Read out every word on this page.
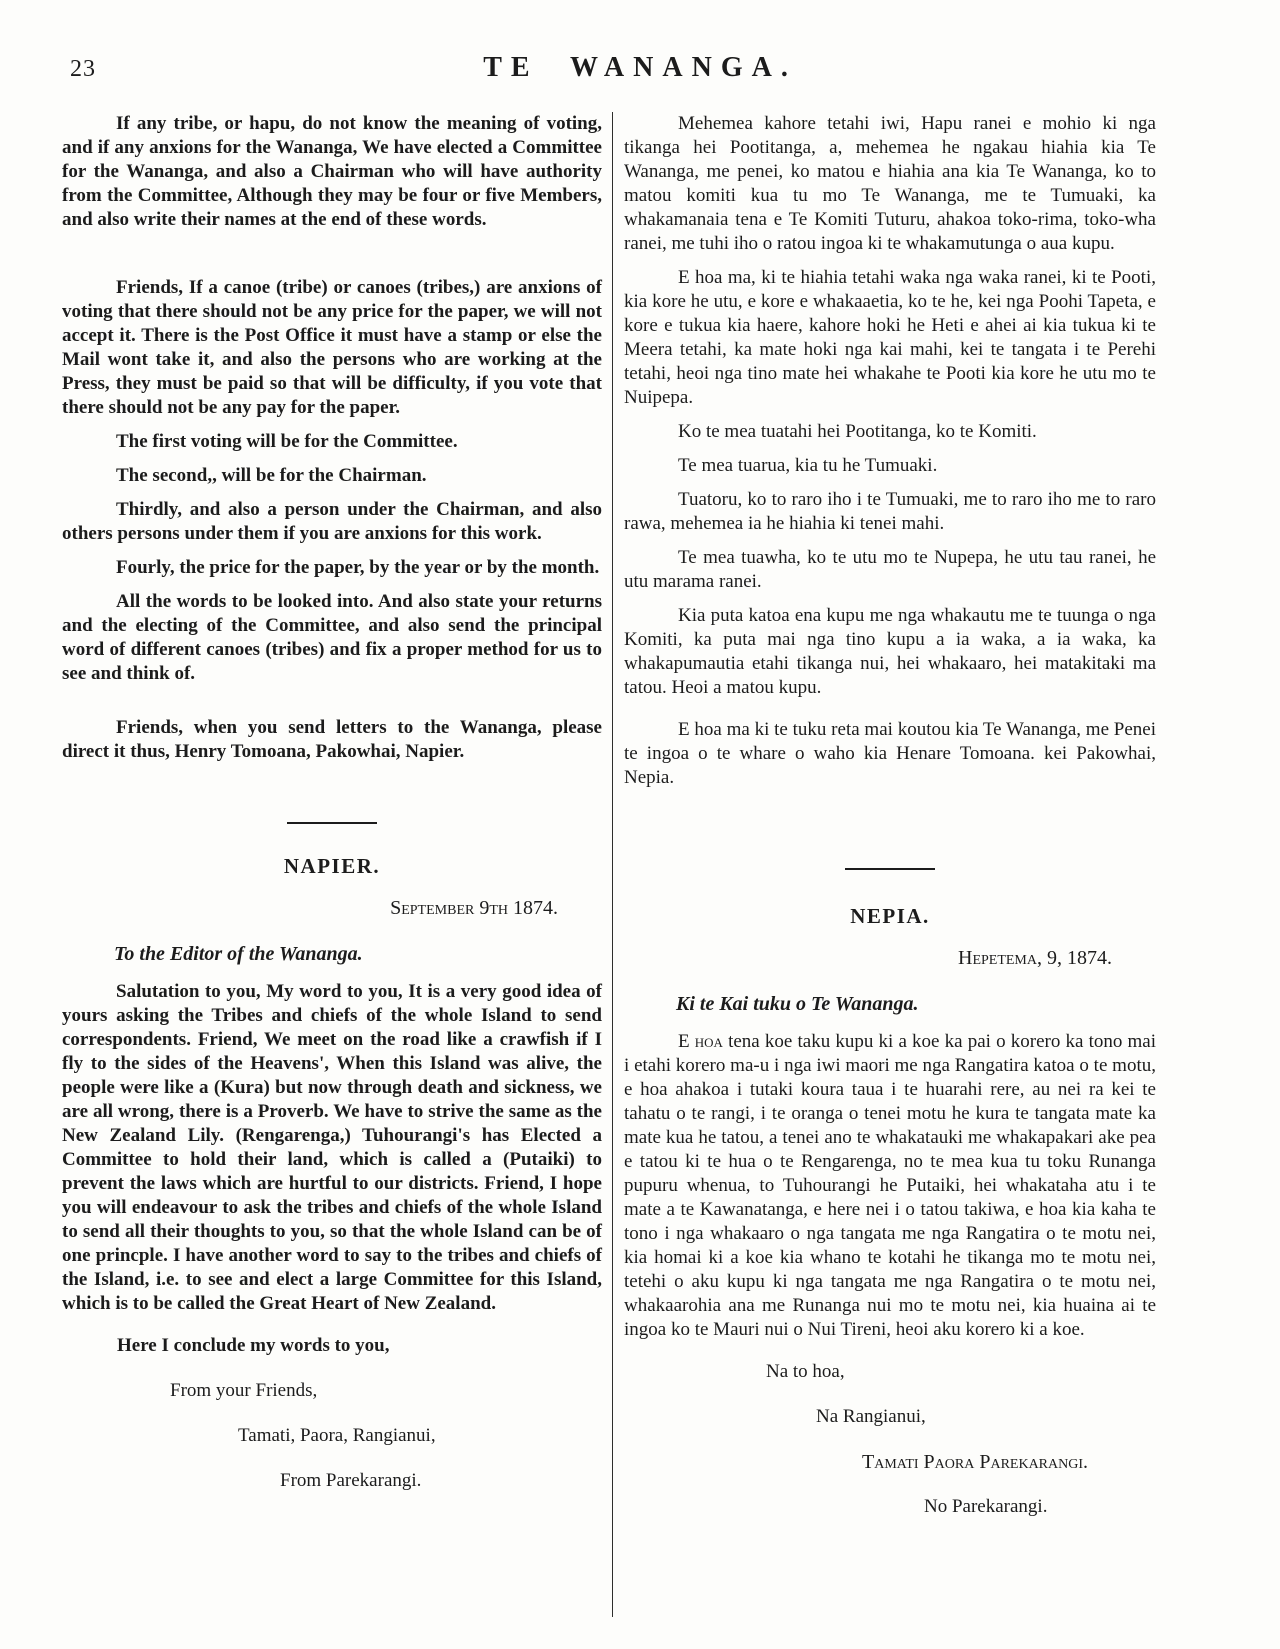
23	TE WANANGA.

If any tribe, or hapu, do not know the meaning of voting, and if any anxions for the Wananga, We have elected a Committee for the Wananga, and also a Chairman who will have authority from the Committee, Although they may be four or five Members, and also write their names at the end of these words.

Friends, If a canoe (tribe) or canoes (tribes,) are anxions of voting that there should not be any price for the paper, we will not accept it. There is the Post Office it must have a stamp or else the Mail wont take it, and also the persons who are working at the Press, they must be paid so that will be difficulty, if you vote that there should not be any pay for the paper.

The first voting will be for the Committee.

The second,, will be for the Chairman.

Thirdly, and also a person under the Chairman, and also others persons under them if you are anxions for this work.

Fourly, the price for the paper, by the year or by the month.

All the words to be looked into. And also state your returns and the electing of the Committee, and also send the principal word of different canoes (tribes) and fix a proper method for us to see and think of.

Friends, when you send letters to the Wananga, please direct it thus, Henry Tomoana, Pakowhai, Napier.

NAPIER.

September 9th 1874.

To the Editor of the Wananga.

Salutation to you, My word to you, It is a very good idea of yours asking the Tribes and chiefs of the whole Island to send correspondents. Friend, We meet on the road like a crawfish if I fly to the sides of the Heavens', When this Island was alive, the people were like a (Kura) but now through death and sickness, we are all wrong, there is a Proverb. We have to strive the same as the New Zealand Lily. (Rengarenga,) Tuhourangi's has Elected a Committee to hold their land, which is called a (Putaiki) to prevent the laws which are hurtful to our districts. Friend, I hope you will endeavour to ask the tribes and chiefs of the whole Island to send all their thoughts to you, so that the whole Island can be of one princple. I have another word to say to the tribes and chiefs of the Island, i.e. to see and elect a large Committee for this Island, which is to be called the Great Heart of New Zealand.

Here I conclude my words to you,

From your Friends,

Tamati, Paora, Rangianui,

From Parekarangi.

Mehemea kahore tetahi iwi, Hapu ranei e mohio ki nga tikanga hei Pootitanga, a, mehemea he ngakau hiahia kia Te Wananga, me penei, ko matou e hiahia ana kia Te Wananga, ko to matou komiti kua tu mo Te Wananga, me te Tumuaki, ka whakamanaia tena e Te Komiti Tuturu, ahakoa toko-rima, toko-wha ranei, me tuhi iho o ratou ingoa ki te whakamutunga o aua kupu.

E hoa ma, ki te hiahia tetahi waka nga waka ranei, ki te Pooti, kia kore he utu, e kore e whakaaetia, ko te he, kei nga Poohi Tapeta, e kore e tukua kia haere, kahore hoki he Heti e ahei ai kia tukua ki te Meera tetahi, ka mate hoki nga kai mahi, kei te tangata i te Perehi tetahi, heoi nga tino mate hei whakahe te Pooti kia kore he utu mo te Nuipepa.

Ko te mea tuatahi hei Pootitanga, ko te Komiti.

Te mea tuarua, kia tu he Tumuaki.

Tuatoru, ko to raro iho i te Tumuaki, me to raro iho me to raro rawa, mehemea ia he hiahia ki tenei mahi.

Te mea tuawha, ko te utu mo te Nupepa, he utu tau ranei, he utu marama ranei.

Kia puta katoa ena kupu me nga whakautu me te tuunga o nga Komiti, ka puta mai nga tino kupu a ia waka, a ia waka, ka whakapumautia etahi tikanga nui, hei whakaaro, hei matakitaki ma tatou. Heoi a matou kupu.

E hoa ma ki te tuku reta mai koutou kia Te Wananga, me Penei te ingoa o te whare o waho kia Henare Tomoana. kei Pakowhai, Nepia.

NEPIA.

Hepetema, 9, 1874.

Ki te Kai tuku o Te Wananga.

E hoa tena koe taku kupu ki a koe ka pai o korero ka tono mai i etahi korero ma-u i nga iwi maori me nga Rangatira katoa o te motu, e hoa ahakoa i tutaki koura taua i te huarahi rere, au nei ra kei te tahatu o te rangi, i te oranga o tenei motu he kura te tangata mate ka mate kua he tatou, a tenei ano te whakatauki me whakapakari ake pea e tatou ki te hua o te Rengarenga, no te mea kua tu toku Runanga pupuru whenua, to Tuhourangi he Putaiki, hei whakataha atu i te mate a te Kawanatanga, e here nei i o tatou takiwa, e hoa kia kaha te tono i nga whakaaro o nga tangata me nga Rangatira o te motu nei, kia homai ki a koe kia whano te kotahi he tikanga mo te motu nei, tetehi o aku kupu ki nga tangata me nga Rangatira o te motu nei, whakaarohia ana me Runanga nui mo te motu nei, kia huaina ai te ingoa ko te Mauri nui o Nui Tireni, heoi aku korero ki a koe.

Na to hoa,

Na Rangianui,

Tamati Paora Parekarangi.

No Parekarangi.
